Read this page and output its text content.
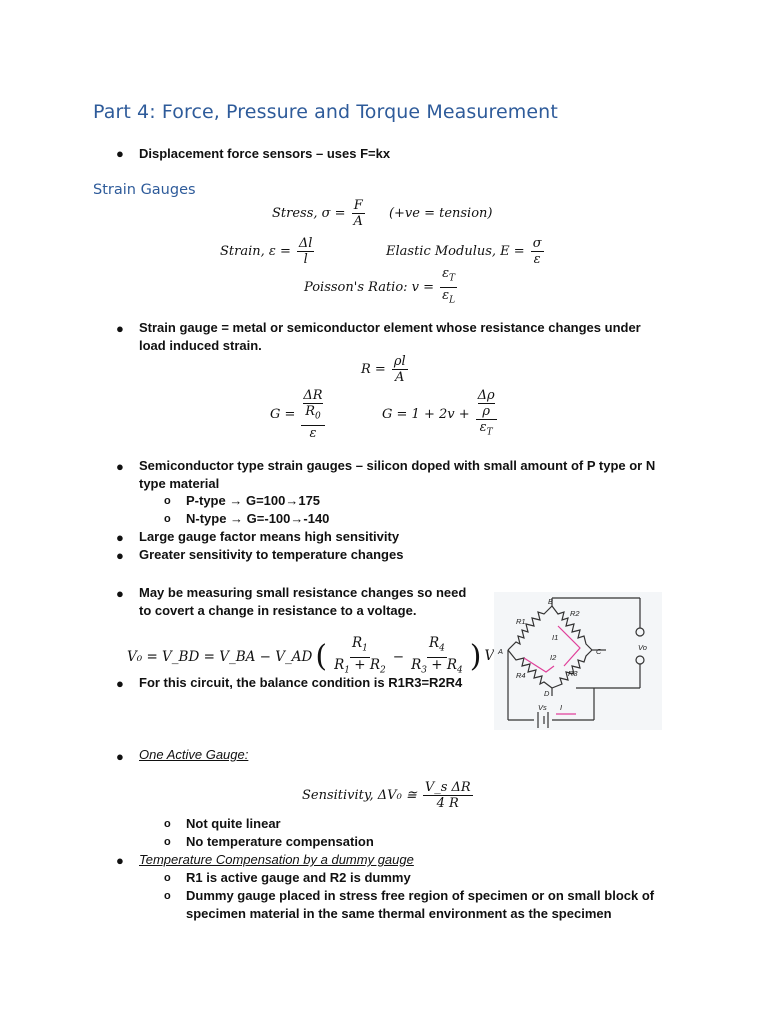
Part 4: Force, Pressure and Torque Measurement
● Displacement force sensors – uses F=kx
Strain Gauges
Stress, $\sigma = \frac{F}{A} (+ve$ = tension)
Strain, $\varepsilon = \frac{\Delta l}{l}$	Elastic Modulus, $E = \frac{\sigma}{\varepsilon}$
Poisson's Ratio: $v = \frac{\varepsilon_T}{\varepsilon_L}$
● Strain gauge = metal or semiconductor element whose resistance changes under
load induced strain.
$R = \frac{\rho l}{A}$
G = ΔR
$R_0$
ε	G = 1 + 2v + Δρ
ρ
$\varepsilon_T$
● Semiconductor type strain gauges – silicon doped with small amount of P type or N
type material
o P-type → G=100→175
o N-type → G=-100→-140
● Large gauge factor means high sensitivity
● Greater sensitivity to temperature changes
● May be measuring small resistance changes so need
to covert a change in resistance to a voltage.
V₀ = V_BD = V_BA − V_AD ( $\frac{R_1}{R_1 + R_2} - \frac{R_4}{R_3 + R_4}$ ) V
● For this circuit, the balance condition is R1R3=R2R4
A
B
C
D
R1
R2
R3
R4
I1
I2
Vo
Vs I
● One Active Gauge:
Sensitivity, ΔV₀ ≅ $\frac{\text{V\_s ΔR}}{4 R}$
o Not quite linear
o No temperature compensation
● Temperature Compensation by a dummy gauge
o R1 is active gauge and R2 is dummy
o Dummy gauge placed in stress free region of specimen or on small block of
specimen material in the same thermal environment as the specimen
